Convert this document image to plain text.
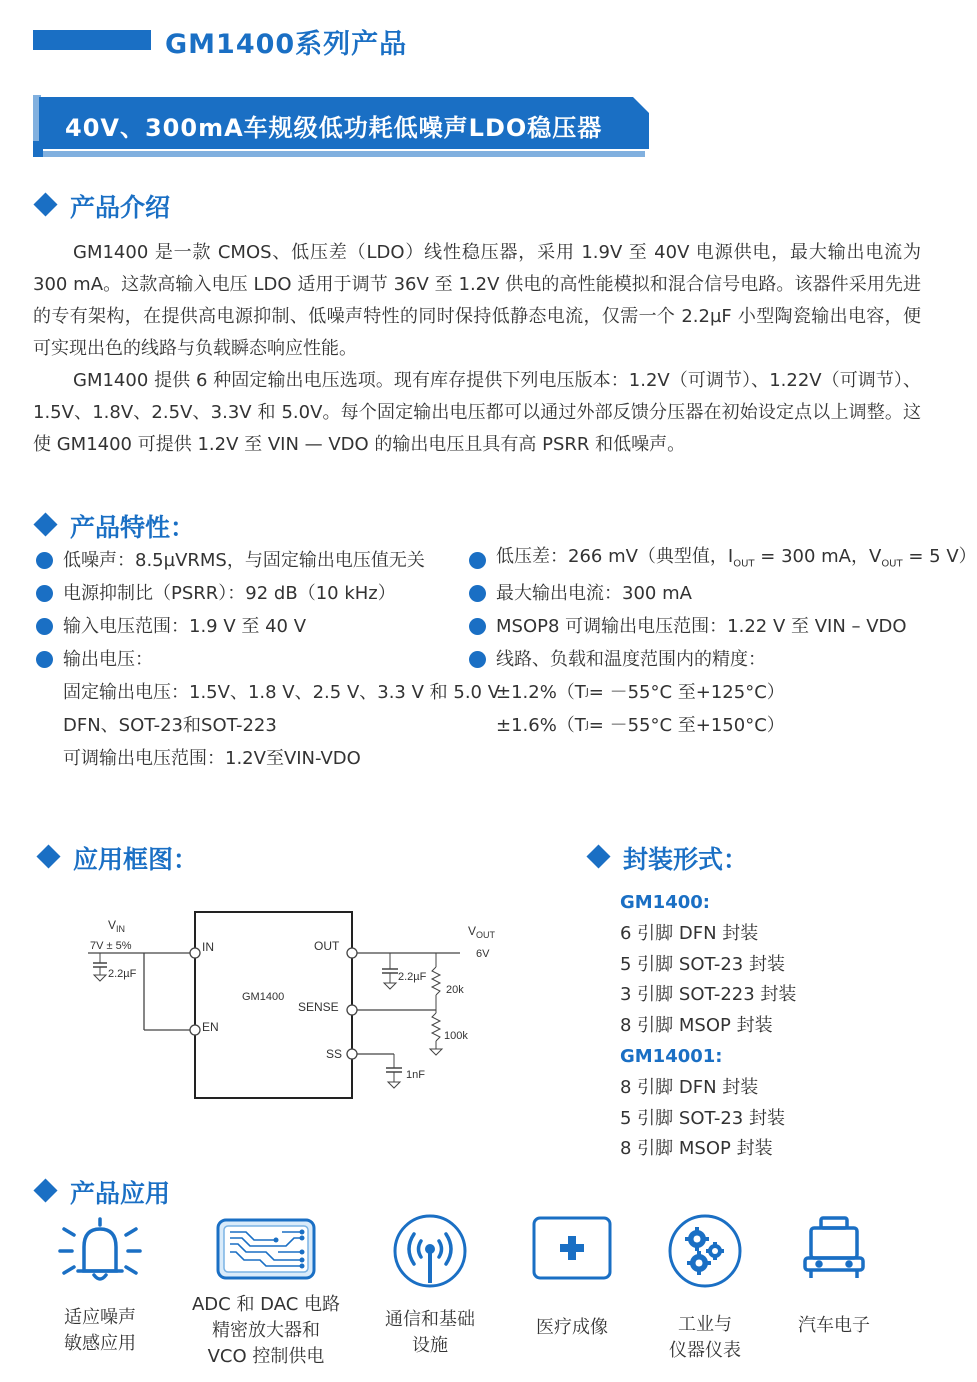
GM1400系列产品
40V、300mA车规级低功耗低噪声LDO稳压器
产品介绍

GM1400 是一款 CMOS、低压差（LDO）线性稳压器，采用 1.9V 至 40V 电源供电，最大输出电流为 300 mA。这款高输入电压 LDO 适用于调节 36V 至 1.2V 供电的高性能模拟和混合信号电路。该器件采用先进的专有架构，在提供高电源抑制、低噪声特性的同时保持低静态电流，仅需一个 2.2µF 小型陶瓷输出电容，便可实现出色的线路与负载瞬态响应性能。

GM1400 提供 6 种固定输出电压选项。现有库存提供下列电压版本：1.2V（可调节）、1.22V（可调节）、1.5V、1.8V、2.5V、3.3V 和 5.0V。每个固定输出电压都可以通过外部反馈分压器在初始设定点以上调整。这使 GM1400 可提供 1.2V 至 VIN — VDO 的输出电压且具有高 PSRR 和低噪声。

产品特性：
低噪声：8.5µVRMS，与固定输出电压值无关
电源抑制比（PSRR）：92 dB（10 kHz）
输入电压范围：1.9 V 至 40 V
输出电压：
固定输出电压：1.5V、1.8 V、2.5 V、3.3 V 和 5.0 V
DFN、SOT-23和SOT-223
可调输出电压范围：1.2V至VIN-VDO
低压差：266 mV（典型值，$I_{OUT} = 300$ mA，$V_{OUT} = 5$ V）
最大输出电流：300 mA
MSOP8 可调输出电压范围：1.22 V 至 VIN – VDO
线路、负载和温度范围内的精度：
±1.2%（T J = －55°C 至+125°C）
±1.6%（T J = －55°C 至+150°C）
应用框图：
$V_{IN}$
7V ± 5%
2.2µF
IN
EN
OUT
GM1400
SENSE
SS
$V_{OUT}$
6V
2.2µF
20k
100k
1nF
封装形式：
GM1400:
6 引脚 DFN 封装
5 引脚 SOT-23 封装
3 引脚 SOT-223 封装
8 引脚 MSOP 封装
GM14001:
8 引脚 DFN 封装
5 引脚 SOT-23 封装
8 引脚 MSOP 封装
产品应用
适应噪声
敏感应用
ADC 和 DAC 电路
精密放大器和
VCO 控制供电
通信和基础
设施
医疗成像	工业与
仪器仪表
汽车电子
